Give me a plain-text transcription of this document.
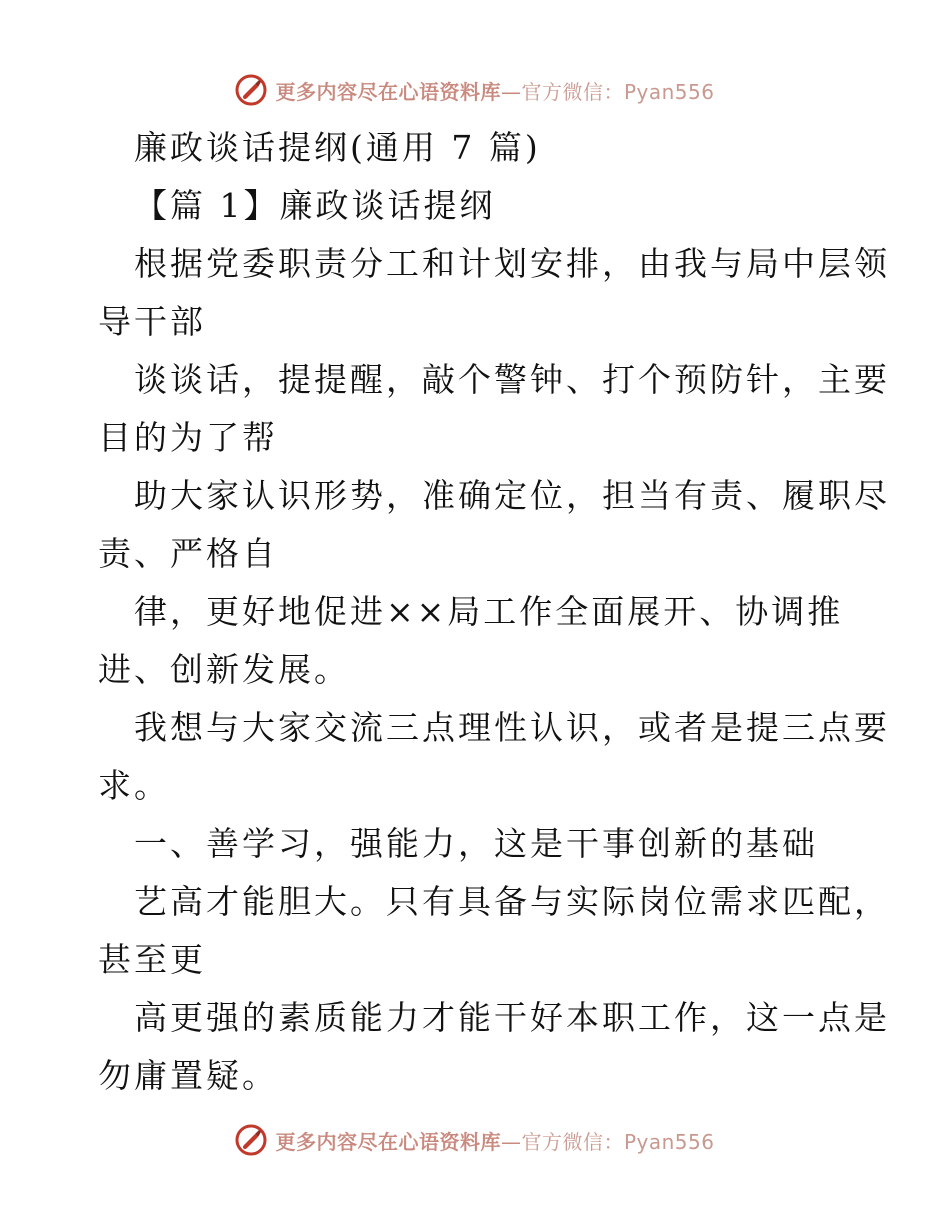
更多内容尽在心语资料库—官方微信：Pyan556
廉政谈话提纲(通用 7 篇)
【篇 1】廉政谈话提纲
根据党委职责分工和计划安排，由我与局中层领
导干部
谈谈话，提提醒，敲个警钟、打个预防针，主要
目的为了帮
助大家认识形势，准确定位，担当有责、履职尽
责、严格自
律，更好地促进××局工作全面展开、协调推
进、创新发展。
我想与大家交流三点理性认识，或者是提三点要
求。
一、善学习，强能力，这是干事创新的基础
艺高才能胆大。只有具备与实际岗位需求匹配，
甚至更
高更强的素质能力才能干好本职工作，这一点是
勿庸置疑。
更多内容尽在心语资料库—官方微信：Pyan556
